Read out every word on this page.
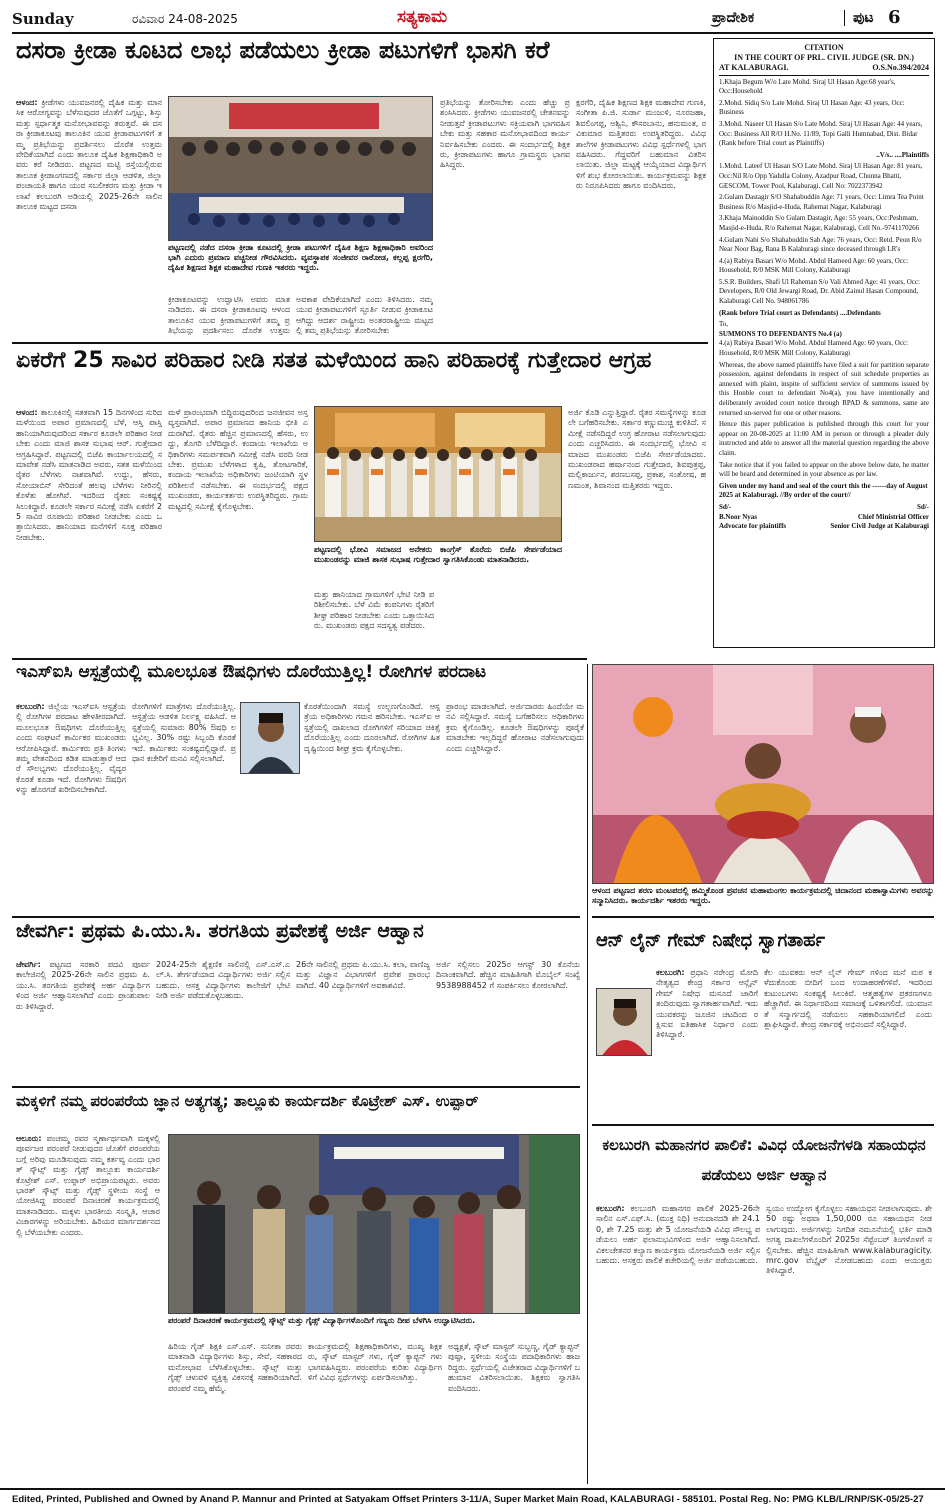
Sunday	ರವಿವಾರ 24-08-2025	ಸತ್ಯಕಾಮ	ಪ್ರಾದೇಶಿಕ	ಪುಟ 6
ದಸರಾ ಕ್ರೀಡಾ ಕೂಟದ ಲಾಭ ಪಡೆಯಲು ಕ್ರೀಡಾ ಪಟುಗಳಿಗೆ ಭಾಸಗಿ ಕರೆ
ಆಳಂದ: ಕ್ರೀಡೆಗಳು ಯುವಜನರಲ್ಲಿ ದೈಹಿಕ ಮತ್ತು ಮಾನಸಿಕ ಆರೋಗ್ಯವನ್ನು ಬೆಳೆಸುವುದರ ಜೊತೆಗೆ ಒಗ್ಗಟ್ಟು, ಶಿಸ್ತು ಮತ್ತು ಸ್ಪರ್ಧಾತ್ಮಕ ಮನೋಭಾವವನ್ನು ತರುತ್ತವೆ. ಈ ದಸರಾ ಕ್ರೀಡಾಕೂಟವು ತಾಲೂಕಿನ ಯುವ ಕ್ರೀಡಾಪಟುಗಳಿಗೆ ತಮ್ಮ ಪ್ರತಿಭೆಯನ್ನು ಪ್ರದರ್ಶಿಸಲು ದೊರೆತ ಉತ್ತಮ ವೇದಿಕೆಯಾಗಿದೆ ಎಂದು ತಾಲೂಕ ದೈಹಿಕ ಶಿಕ್ಷಣಾಧಿಕಾರಿ ಅವರು ಕರೆ ನೀಡಿದರು. ಪಟ್ಟಣದ ಮಟ್ಟಿ ರಸ್ತೆಯಲ್ಲಿರುವ ತಾಲೂಕ ಕ್ರೀಡಾಂಗಣದಲ್ಲಿ ಸರ್ಕಾರ ಜಿಲ್ಲಾ ಆಡಳಿತ, ಜಿಲ್ಲಾ ಪಂಚಾಯತಿ ಹಾಗೂ ಯುವ ಸಬಲೀಕರಣ ಮತ್ತು ಕ್ರೀಡಾ ಇಲಾಖೆ ಕಲಬುರಗಿ ಅಡಿಯಲ್ಲಿ 2025-26ನೇ ಸಾಲಿನ ತಾಲೂಕ ಮಟ್ಟದ ದಸರಾ
ಪಟ್ಟಣದಲ್ಲಿ ನಡೆದ ದಸರಾ ಕ್ರೀಡಾ ಕೂಟದಲ್ಲಿ ಕ್ರೀಡಾ ಪಟುಗಳಿಗೆ ದೈಹಿಕ ಶಿಕ್ಷಣ ಶಿಕ್ಷಣಾಧಿಕಾರಿ ಅವರಿಂದ ಭಾಗಿ ಎದುರು ಪ್ರಮಾಣ ವಚ್ಚನೀಡ ಗೌರವಿಸಿದರು. ವ್ಯವಸ್ಥಾಪಕ ಸಂಜೀವರ ರಾಠೋಡ, ಕಲ್ಲಪ್ಪ ಕ್ಷರಗೆರಿ, ದೈಹಿಕ ಶಿಕ್ಷಣದ ಶಿಕ್ಷಕ ಮಹಾದೇವ ಗುಣಕಿ ಇತರರು ಇದ್ದರು.
ಕ್ರೀಡಾಕೂಟವನ್ನು ಉದ್ಘಾಟಿಸಿ ಅವರು ಮಾತನಾಡಿದರು. ಈ ದಸರಾ ಕ್ರೀಡಾಕೂಟವು ಆಳಂದ ತಾಲೂಕಿನ ಯುವ ಕ್ರೀಡಾಪಟುಗಳಿಗೆ ತಮ್ಮ ಪ್ರತಿಭೆಯನ್ನು ಪ್ರದರ್ಶಿಸಲು ದೊರೆತ ಉತ್ತಮ
ಅವಕಾಶ ವೇದಿಕೆಯಾಗಿದೆ ಎಂದು ತಿಳಿಸಿದರು. ನಮ್ಮ ಯುವ ಕ್ರೀಡಾಪಟುಗಳಿಗೆ ಸ್ಪೂರ್ತಿ ನೀಡುವ ಕ್ರೀಡಾಕೂಟ ಆಗಿದ್ದು ಆದರ್ಶ ರಾಷ್ಟ್ರೀಯ ಅಂತರರಾಷ್ಟ್ರೀಯ ಮಟ್ಟದಲ್ಲಿ ತಮ್ಮ ಪ್ರತಿಭೆಯನ್ನು ತೋರಿಸಬೇಕು
ಪ್ರತಿಭೆಯನ್ನು ತೋರಿಸಬೇಕು ಎಂದು ಹೆಚ್ಚು ಪ್ರಶಂಸಿಸಿದರು. ಕ್ರೀಡೆಗಳು ಯುವಜನರಲ್ಲಿ ಚೇತನವನ್ನು ನೀಡುತ್ತವೆ ಕ್ರೀಡಾಪಟುಗಳು ಸಕ್ರಿಯವಾಗಿ ಭಾಗವಹಿಸಬೇಕು ಮತ್ತು ಸಹಕಾರ ಮನೋಭಾವದಿಂದ ಕಾರ್ಯನಿರ್ವಹಿಸಬೇಕು ಎಂದರು. ಈ ಸಂದರ್ಭದಲ್ಲಿ ಶಿಕ್ಷಕರು, ಕ್ರೀಡಾಪಟುಗಳು ಹಾಗೂ ಗ್ರಾಮಸ್ಥರು ಭಾಗವಹಿಸಿದ್ದರು.
ಕ್ಷರಗೆರಿ, ದೈಹಿಕ ಶಿಕ್ಷಣದ ಶಿಕ್ಷಕ ಮಹಾದೇವ ಗುಣಕಿ, ಸಂಗೀತಾ ಪಿ.ಜಿ. ಸುರ್ಡಾ ಮಂಜುಳಿ, ನೂರಜಹಾ, ಶಿವಲಿಂಗಪ್ಪ, ಅಶ್ವಿನಿ, ಕೌಸರಬಾನು, ಹನುಮಂತ, ರವಿಕುಮಾರ ಮತ್ತಿತರರು ಉಪಸ್ಥಿತರಿದ್ದರು. ವಿವಿಧ ಶಾಲೆಗಳ ಕ್ರೀಡಾಪಟುಗಳು ವಿವಿಧ ಸ್ಪರ್ಧೆಗಳಲ್ಲಿ ಭಾಗವಹಿಸಿದರು. ಗೆದ್ದವರಿಗೆ ಬಹುಮಾನ ವಿತರಿಸಲಾಯಿತು. ಜಿಲ್ಲಾ ಮಟ್ಟಕ್ಕೆ ಆಯ್ಕೆಯಾದ ವಿದ್ಯಾರ್ಥಿಗಳಿಗೆ ಶುಭ ಕೋರಲಾಯಿತು. ಕಾರ್ಯಕ್ರಮವನ್ನು ಶಿಕ್ಷಕರು ನಿರೂಪಿಸಿದರು ಹಾಗೂ ವಂದಿಸಿದರು.
ಏಕರೆಗೆ 25 ಸಾವಿರ ಪರಿಹಾರ ನೀಡಿ ಸತತ ಮಳೆಯಿಂದ ಹಾನಿ ಪರಿಹಾರಕ್ಕೆ ಗುತ್ತೇದಾರ ಆಗ್ರಹ
ಆಳಂದ: ತಾಲೂಕಿನಲ್ಲಿ ಸತತವಾಗಿ 15 ದಿನಗಳಿಂದ ಸುರಿದ ಮಳೆಯಿಂದ ಅಪಾರ ಪ್ರಮಾಣದಲ್ಲಿ ಬೆಳೆ, ಆಸ್ತಿ ಪಾಸ್ತಿ ಹಾನಿಯಾಗಿರುವುದರಿಂದ ಸರ್ಕಾರ ಕೂಡಲೇ ಪರಿಹಾರ ನೀಡಬೇಕು ಎಂದು ಮಾಜಿ ಶಾಸಕ ಸುಭಾಷ ಆರ್. ಗುತ್ತೇದಾರ ಆಗ್ರಹಿಸಿದ್ದಾರೆ. ಪಟ್ಟಣದಲ್ಲಿ ಬಿಜೆಪಿ ಕಾರ್ಯಾಲಯದಲ್ಲಿ ಸಮಾವೇಶ ನಡೆಸಿ ಮಾತನಾಡಿದ ಅವರು, ಸತತ ಮಳೆಯಿಂದ ರೈತರ ಬೆಳೆಗಳು ನಾಶವಾಗಿವೆ. ಉದ್ದು, ಹೆಸರು, ಸೋಯಾಬಿನ್ ಸೇರಿದಂತೆ ಹಲವು ಬೆಳೆಗಳು ನೀರಿನಲ್ಲಿ ಕೊಳೆತು ಹೋಗಿವೆ. ಇದರಿಂದ ರೈತರು ಸಂಕಷ್ಟಕ್ಕೆ ಸಿಲುಕಿದ್ದಾರೆ. ಕೂಡಲೇ ಸರ್ಕಾರ ಸಮೀಕ್ಷೆ ನಡೆಸಿ ಏಕರೆಗೆ 25 ಸಾವಿರ ರೂಪಾಯಿ ಪರಿಹಾರ ನೀಡಬೇಕು ಎಂದು ಒತ್ತಾಯಿಸಿದರು. ಹಾನಿಯಾದ ಮನೆಗಳಿಗೆ ಸೂಕ್ತ ಪರಿಹಾರ ನೀಡಬೇಕು.
ಮಳೆ ಪ್ರಾರಂಭವಾಗಿ ಬಿದ್ದಿರುವುದರಿಂದ ಜನಜೀವನ ಅಸ್ತವ್ಯಸ್ತವಾಗಿದೆ. ಅಪಾರ ಪ್ರಮಾಣದ ಹಾನಿಯ ಭೀತಿ ಎದುರಾಗಿದೆ. ರೈತರು ಹೆಚ್ಚಿನ ಪ್ರಮಾಣದಲ್ಲಿ ಹೆಸರು, ಉದ್ದು, ತೊಗರಿ ಬೆಳೆದಿದ್ದಾರೆ. ಕಂದಾಯ ಇಲಾಖೆಯ ಅಧಿಕಾರಿಗಳು ಸಮರ್ಪಕವಾಗಿ ಸಮೀಕ್ಷೆ ನಡೆಸಿ ವರದಿ ನೀಡಬೇಕು. ಪ್ರಮುಖ ಬೆಳೆಗಳಾದ ಕೃಷಿ, ತೋಟಗಾರಿಕೆ, ಕಂದಾಯ ಇಲಾಖೆಯ ಅಧಿಕಾರಿಗಳು ಜಂಟಿಯಾಗಿ ಸ್ಥಳ ಪರಿಶೀಲನೆ ನಡೆಸಬೇಕು. ಈ ಸಂದರ್ಭದಲ್ಲಿ ಪಕ್ಷದ ಮುಖಂಡರು, ಕಾರ್ಯಕರ್ತರು ಉಪಸ್ಥಿತರಿದ್ದರು. ಗ್ರಾಮ ಮಟ್ಟದಲ್ಲಿ ಸಮೀಕ್ಷೆ ಕೈಗೊಳ್ಳಬೇಕು.
ಪಟ್ಟಣದಲ್ಲಿ ಭೋವಿ ಸಮಾಜದ ಅನೇಕರು ಕಾಂಗ್ರೆಸ್ ತೊರೆದು ಬಿಜೆಪಿ ಸೇರ್ಪಡೆಯಾದ ಮುಖಂಡರನ್ನು ಮಾಜಿ ಶಾಸಕ ಸುಭಾಷ ಗುತ್ತೇದಾರ ಸ್ವಾಗತಿಸಿಕೊಂಡು ಮಾತನಾಡಿದರು.
ಮತ್ತು ಹಾನಿಯಾದ ಗ್ರಾಮಗಳಿಗೆ ಭೇಟಿ ನೀಡಿ ಪರಿಶೀಲಿಸಬೇಕು. ಬೆಳೆ ವಿಮೆ ಕಂಪನಿಗಳು ರೈತರಿಗೆ ಶೀಘ್ರ ಪರಿಹಾರ ನೀಡಬೇಕು ಎಂದು ಒತ್ತಾಯಿಸಿದರು. ಮುಖಂಡರು ಪಕ್ಷದ ಸದಸ್ಯತ್ವ ಪಡೆದರು.
ಅರ್ಜಿ ಕೊಡಿ ಎನ್ನುತ್ತಿದ್ದಾರೆ. ರೈತರ ಸಮಸ್ಯೆಗಳನ್ನು ಕೂಡಲೇ ಬಗೆಹರಿಸಬೇಕು. ಸರ್ಕಾರ ಕಣ್ಣುಮುಚ್ಚಿ ಕುಳಿತಿದೆ. ಸಮೀಕ್ಷೆ ನಡೆಸದಿದ್ದರೆ ಉಗ್ರ ಹೋರಾಟ ನಡೆಸಲಾಗುವುದು ಎಂದು ಎಚ್ಚರಿಸಿದರು. ಈ ಸಂದರ್ಭದಲ್ಲಿ ಭೋವಿ ಸಮಾಜದ ಮುಖಂಡರು ಬಿಜೆಪಿ ಸೇರ್ಪಡೆಯಾದರು. ಮುಖಂಡರಾದ ಹರ್ಷಾನಂದ ಗುತ್ತೇದಾರ, ಶಿವಪುತ್ರಪ್ಪ, ಮಲ್ಲಿಕಾರ್ಜುನ, ಶರಣಬಸಪ್ಪ, ಪ್ರಕಾಶ, ಸಂತೋಷ, ಹಣಮಂತ, ಶಿವಾನಂದ ಮತ್ತಿತರರು ಇದ್ದರು.
CITATION
IN THE COURT OF PRL. CIVIL JUDGE (SR. DN.)
AT KALABURAGI.	O.S.No.394/2024
1.Khaja Begum W/o Late Mohd. Siraj Ul Hasan Age:68 year's, Occ:Household
2.Mohd. Sidiq S/o Late Mohd. Siraj Ul Hasan Age: 43 years, Occ: Business
3.Mohd. Naseer Ul Hasan S/o Late Mohd. Siraj Ul Hasan Age: 44 years, Occ: Business All R/O H.No. 11/89, Topi Galli Humnabad, Dist. Bidar (Rank before Trial court as Plaintiffs)
..V/s.. ....Plaintiffs
1.Mohd. Lateef Ul Hasan S/O Late Mohd. Siraj Ul Hasan Age: 81 years, Occ:Nil R/o Opp Yadulla Colony, Azadpur Road, Chunna Bhatti, GESCOM, Tower Pool, Kalaburagi. Cell No: 7022373942
2.Gulam Dastagir S/O Shahabuddin Age: 71 years, Occ: Limra Tea Point Business R/o Masjid-e-Huda, Rahemat Nagar, Kalaburagi
3.Khaja Mainoddin S/o Gulam Dastagir, Age: 55 years, Occ:Peshmam, Masjid-e-Huda, R/o Rahemat Nagar, Kalaburagi, Cell No.-9741170266
4.Gulam Nabi S/o Shahabuddin Sab Age: 76 years, Occ: Retd. Peon R/o Near Noor Bag, Rana B Kalaburagi since deceased through LR's
4.(a) Rabiya Basari W/o Mohd. Abdul Hameed Age: 60 years, Occ: Household, R/0 MSK Mill Colony, Kalaburagi
5.S.R. Builders, Shafi Ul Raheman S/o Vali Ahmed Age: 41 years, Occ: Developers, R/0 Old Jewargi Road, Dr. Abid Zainul Hasan Compound, Kalaburagi Cell No. 948061786
(Rank before Trial court as Defendants) ....Defendants
To,
SUMMONS TO DEFENDANTS No.4 (a)
4.(a) Rabiya Basari W/o Mohd. Abdul Hameed Age: 60 years, Occ: Household, R/0 MSK Mill Colony, Kalaburagi
Whereas, the above named plaintiffs have filed a suit for partition separate possession, against defendants in respect of suit schedule properties as annexed with plaint, inspite of sufficient service of summons issued by this Honble court to defendant No4(a), you have intentionally and deliberately avoided court notice through RPAD & summons, same are returned un-served for one or other reasons.
Hence this paper publication is published through this court for your appear on 20-08-2025 at 11:00 AM in person or through a pleader duly instructed and able to answer all the material question regarding the above claim.
Take notice that if you failed to appear on the above below date, he matter will be heard and determined in your absence as per law.
Given under my hand and seal of the court this the ------day of August 2025 at Kalaburagi. //By order of the court//
Sd/-	Sd/-
B.Noor Nyas	Chief Ministrial Officer
Advocate for plaintiffs	Senior Civil Judge at Kalaburagi
ಇಎಸ್ಐಸಿ ಆಸ್ಪತ್ರೆಯಲ್ಲಿ ಮೂಲಭೂತ ಔಷಧಿಗಳು ದೊರೆಯುತ್ತಿಲ್ಲ! ರೋಗಿಗಳ ಪರದಾಟ
ಕಲಬುರಗಿ: ಜಿಲ್ಲೆಯ ಇಎಸ್ಐಸಿ ಆಸ್ಪತ್ರೆಯಲ್ಲಿ ರೋಗಿಗಳ ಪರದಾಟ ಹೇಳತೀರದಾಗಿದೆ. ಮೂಲಭೂತ ಔಷಧಿಗಳು ದೊರೆಯುತ್ತಿಲ್ಲ ಎಂದು ಸಂಘಟನೆ ಕಾರ್ಮಿಕರ ಮುಖಂಡರು ಆರೋಪಿಸಿದ್ದಾರೆ. ಕಾರ್ಮಿಕರು ಪ್ರತಿ ತಿಂಗಳು ತಮ್ಮ ವೇತನದಿಂದ ಕಡಿತ ಮಾಡುತ್ತಾರೆ ಆದರೆ ಸೌಲಭ್ಯಗಳು ದೊರೆಯುತ್ತಿಲ್ಲ. ವೈದ್ಯರ ಕೊರತೆ ಕೂಡಾ ಇದೆ. ರೋಗಿಗಳು ಔಷಧಿಗಳನ್ನು ಹೊರಗಡೆ ಖರೀದಿಸಬೇಕಾಗಿದೆ.
ರೋಗಿಗಳಿಗೆ ಮಾತ್ರೆಗಳು ದೊರೆಯುತ್ತಿಲ್ಲ. ಆಸ್ಪತ್ರೆಯ ಆಡಳಿತ ನಿರ್ಲಕ್ಷ್ಯ ವಹಿಸಿದೆ. ಆಸ್ಪತ್ರೆಯಲ್ಲಿ ಸುಮಾರು 80% ಔಷಧಿ ಲಭ್ಯವಿಲ್ಲ. 30% ರಷ್ಟು ಸಿಬ್ಬಂದಿ ಕೊರತೆ ಇದೆ. ಕಾರ್ಮಿಕರು ಸಂಕಷ್ಟದಲ್ಲಿದ್ದಾರೆ. ಪ್ರಧಾನ ಕಚೇರಿಗೆ ಮನವಿ ಸಲ್ಲಿಸಲಾಗಿದೆ.
ಕೊರತೆಯಿಂದಾಗಿ ಸಮಸ್ಯೆ ಉಲ್ಬಣಗೊಂಡಿದೆ. ಆಸ್ಪತ್ರೆಯ ಅಧಿಕಾರಿಗಳು ಗಮನ ಹರಿಸಬೇಕು. ಇಎಸ್ಐ ಆಸ್ಪತ್ರೆಯಲ್ಲಿ ದಾಖಲಾದ ರೋಗಿಗಳಿಗೆ ಸರಿಯಾದ ಚಿಕಿತ್ಸೆ ದೊರೆಯುತ್ತಿಲ್ಲ ಎಂದು ದೂರಲಾಗಿದೆ. ರೋಗಿಗಳ ಹಿತದೃಷ್ಟಿಯಿಂದ ಶೀಘ್ರ ಕ್ರಮ ಕೈಗೊಳ್ಳಬೇಕು.
ಪ್ರಾರಂಭ ಮಾಡಲಾಗಿದೆ. ಅರ್ಜಿದಾರರು ಹಿಂದೆಯೇ ಮನವಿ ಸಲ್ಲಿಸಿದ್ದಾರೆ. ಸಮಸ್ಯೆ ಬಗೆಹರಿಸಲು ಅಧಿಕಾರಿಗಳು ಕ್ರಮ ಕೈಗೊಂಡಿಲ್ಲ. ಕೂಡಲೇ ಔಷಧಿಗಳನ್ನು ಪೂರೈಕೆ ಮಾಡಬೇಕು ಇಲ್ಲದಿದ್ದರೆ ಹೋರಾಟ ನಡೆಸಲಾಗುವುದು ಎಂದು ಎಚ್ಚರಿಸಿದ್ದಾರೆ.
ಆಳಂದ ಪಟ್ಟಣದ ಶರಣ ಮಂಟಪದಲ್ಲಿ ಹಮ್ಮಿಕೊಂಡ ಪ್ರವಚನ ಮಹಾಮಂಗಲ ಕಾರ್ಯಕ್ರಮದಲ್ಲಿ ಚಿದಾನಂದ ಮಹಾಸ್ವಾಮಿಗಳು ಅವರನ್ನು ಸನ್ಮಾನಿಸಿದರು. ಕಾರ್ಯದರ್ಶಿ ಇತರರು ಇದ್ದರು.
ಜೇವರ್ಗಿ: ಪ್ರಥಮ ಪಿ.ಯು.ಸಿ. ತರಗತಿಯ ಪ್ರವೇಶಕ್ಕೆ ಅರ್ಜಿ ಆಹ್ವಾನ
ಜೇವರ್ಗಿ: ಪಟ್ಟಣದ ಸರಕಾರಿ ಪದವಿ ಪೂರ್ವ ಕಾಲೇಜಿನಲ್ಲಿ 2025-26ನೇ ಸಾಲಿನ ಪ್ರಥಮ ಪಿ.ಯು.ಸಿ. ತರಗತಿಯ ಪ್ರವೇಶಕ್ಕೆ ಅರ್ಹ ವಿದ್ಯಾರ್ಥಿಗಳಿಂದ ಅರ್ಜಿ ಆಹ್ವಾನಿಸಲಾಗಿದೆ ಎಂದು ಪ್ರಾಂಶುಪಾಲರು ತಿಳಿಸಿದ್ದಾರೆ.
2024-25ನೇ ಶೈಕ್ಷಣಿಕ ಸಾಲಿನಲ್ಲಿ ಎಸ್.ಎಸ್.ಎಲ್.ಸಿ. ತೇರ್ಗಡೆಯಾದ ವಿದ್ಯಾರ್ಥಿಗಳು ಅರ್ಜಿ ಸಲ್ಲಿಸಬಹುದು. ಆಸಕ್ತ ವಿದ್ಯಾರ್ಥಿಗಳು ಕಾಲೇಜಿಗೆ ಭೇಟಿ ನೀಡಿ ಅರ್ಜಿ ಪಡೆದುಕೊಳ್ಳಬಹುದು.
26ನೇ ಸಾಲಿನಲ್ಲಿ ಪ್ರಥಮ ಪಿ.ಯು.ಸಿ. ಕಲಾ, ವಾಣಿಜ್ಯ ಮತ್ತು ವಿಜ್ಞಾನ ವಿಭಾಗಗಳಿಗೆ ಪ್ರವೇಶ ಪ್ರಾರಂಭವಾಗಿದೆ. 40 ವಿದ್ಯಾರ್ಥಿಗಳಿಗೆ ಅವಕಾಶವಿದೆ.
ಅರ್ಜಿ ಸಲ್ಲಿಸಲು 2025ರ ಆಗಸ್ಟ್ 30 ಕೊನೆಯ ದಿನಾಂಕವಾಗಿದೆ. ಹೆಚ್ಚಿನ ಮಾಹಿತಿಗಾಗಿ ಮೊಬೈಲ್ ಸಂಖ್ಯೆ 9538988452 ಗೆ ಸಂಪರ್ಕಿಸಲು ಕೋರಲಾಗಿದೆ.
ಆನ್ ಲೈನ್ ಗೇಮ್ ನಿಷೇಧ ಸ್ವಾಗತಾರ್ಹ
ಕಲಬುರಗಿ: ಪ್ರಧಾನಿ ನರೇಂದ್ರ ಮೋದಿ ನೇತೃತ್ವದ ಕೇಂದ್ರ ಸರ್ಕಾರ ಆನ್ಲೈನ್ ಗೇಮ್ ನಿಷೇಧ ಮಸೂದೆ ಜಾರಿಗೆ ತಂದಿರುವುದು ಸ್ವಾಗತಾರ್ಹವಾಗಿದೆ. ಇದು ಯುವಕರನ್ನು ಜೂಜಿನ ಚಟದಿಂದ ರಕ್ಷಿಸುವ ಐತಿಹಾಸಿಕ ನಿರ್ಧಾರ ಎಂದು ತಿಳಿಸಿದ್ದಾರೆ.
ಕೆಲ ಯುವಕರು ಆನ್ ಲೈನ್ ಗೇಮ್ ಗಳಿಂದ ಮನೆ ಮಠ ಕಳೆದುಕೊಂಡು ಬೀದಿಗೆ ಬಂದ ಉದಾಹರಣೆಗಳಿವೆ. ಇದರಿಂದ ಕುಟುಂಬಗಳು ಸಂಕಷ್ಟಕ್ಕೆ ಸಿಲುಕಿವೆ. ಆತ್ಮಹತ್ಯೆಗಳ ಪ್ರಕರಣಗಳೂ ಹೆಚ್ಚಾಗಿವೆ. ಈ ನಿರ್ಧಾರದಿಂದ ಸಮಾಜಕ್ಕೆ ಒಳಿತಾಗಲಿದೆ. ಯುವಜನತೆ ಸನ್ಮಾರ್ಗದಲ್ಲಿ ನಡೆಯಲು ಸಹಕಾರಿಯಾಗಲಿದೆ ಎಂದು ಶ್ಲಾಘಿಸಿದ್ದಾರೆ. ಕೇಂದ್ರ ಸರ್ಕಾರಕ್ಕೆ ಅಭಿನಂದನೆ ಸಲ್ಲಿಸಿದ್ದಾರೆ.
ಮಕ್ಕಳಿಗೆ ನಮ್ಮ ಪರಂಪರೆಯ ಜ್ಞಾನ ಅತ್ಯಗತ್ಯ; ತಾಲ್ಲೂಕು ಕಾರ್ಯದರ್ಶಿ ಕೊಟ್ರೇಶ್ ಎಸ್. ಉಪ್ಪಾರ್
ಆಲೂರು: ಪಂಚಮ್ಮ ರವರ ಸ್ಮರ್ಣಾರ್ಥವಾಗಿ ಮಕ್ಕಳಲ್ಲಿ ಪೂರ್ವಜರ ಪರಂಪರೆ ನೀಡುವುದರ ಜೊತೆಗೆ ಪರಂಪರೆಯ ಬಗ್ಗೆ ಅರಿವು ಮೂಡಿಸುವುದು ನಮ್ಮ ಕರ್ತವ್ಯ ಎಂದು ಭಾರತ್ ಸ್ಕೌಟ್ಸ್ ಮತ್ತು ಗೈಡ್ಸ್ ತಾಲ್ಲೂಕು ಕಾರ್ಯದರ್ಶಿ ಕೊಟ್ರೇಶ್ ಎಸ್. ಉಪ್ಪಾರ್ ಅಭಿಪ್ರಾಯಪಟ್ಟರು. ಅವರು ಭಾರತ್ ಸ್ಕೌಟ್ಸ್ ಮತ್ತು ಗೈಡ್ಸ್ ಸ್ಥಳೀಯ ಸಂಸ್ಥೆ ಆಯೋಜಿಸಿದ್ದ ಪರಂಪರೆ ದಿನಾಚರಣೆ ಕಾರ್ಯಕ್ರಮದಲ್ಲಿ ಮಾತನಾಡಿದರು. ಮಕ್ಕಳು ಭಾರತೀಯ ಸಂಸ್ಕೃತಿ, ಆಚಾರ ವಿಚಾರಗಳನ್ನು ಅರಿಯಬೇಕು. ಹಿರಿಯರ ಮಾರ್ಗದರ್ಶನದಲ್ಲಿ ಬೆಳೆಯಬೇಕು ಎಂದರು.
ಪರಂಪರೆ ದಿನಾಚರಣೆ ಕಾರ್ಯಕ್ರಮದಲ್ಲಿ ಸ್ಕೌಟ್ಸ್ ಮತ್ತು ಗೈಡ್ಸ್ ವಿದ್ಯಾರ್ಥಿಗಳೊಂದಿಗೆ ಗಣ್ಯರು ದೀಪ ಬೆಳಗಿಸಿ ಉದ್ಘಾಟಿಸಿದರು.
ಹಿರಿಯ ಗೈಡ್ ಶಿಕ್ಷಕಿ ಎಸ್.ಎಸ್. ಸುನೀತಾ ರವರು ಮಾತನಾಡಿ ವಿದ್ಯಾರ್ಥಿಗಳು ಶಿಸ್ತು, ಸೇವೆ, ಸಹಕಾರದ ಮನೋಭಾವ ಬೆಳೆಸಿಕೊಳ್ಳಬೇಕು. ಸ್ಕೌಟ್ಸ್ ಮತ್ತು ಗೈಡ್ಸ್ ಚಳುವಳಿ ವ್ಯಕ್ತಿತ್ವ ವಿಕಸನಕ್ಕೆ ಸಹಕಾರಿಯಾಗಿದೆ. ಪರಂಪರೆ ನಮ್ಮ ಹೆಮ್ಮೆ.
ಕಾರ್ಯಕ್ರಮದಲ್ಲಿ ಶಿಕ್ಷಣಾಧಿಕಾರಿಗಳು, ಮುಖ್ಯ ಶಿಕ್ಷಕರು, ಸ್ಕೌಟ್ ಮಾಸ್ಟರ್ ಗಳು, ಗೈಡ್ ಕ್ಯಾಪ್ಟನ್ ಗಳು ಭಾಗವಹಿಸಿದ್ದರು. ಪರಂಪರೆಯ ಕುರಿತು ವಿದ್ಯಾರ್ಥಿಗಳಿಗೆ ವಿವಿಧ ಸ್ಪರ್ಧೆಗಳನ್ನು ಏರ್ಪಡಿಸಲಾಗಿತ್ತು.
ಅಧ್ಯಕ್ಷತೆ, ಸ್ಕೌಟ್ ಮಾಸ್ಟರ್ ಸುಬ್ಬಣ್ಣ, ಗೈಡ್ ಕ್ಯಾಪ್ಟನ್ ಪುಷ್ಪಾ, ಸ್ಥಳೀಯ ಸಂಸ್ಥೆಯ ಪದಾಧಿಕಾರಿಗಳು ಹಾಜರಿದ್ದರು. ಸ್ಪರ್ಧೆಯಲ್ಲಿ ವಿಜೇತರಾದ ವಿದ್ಯಾರ್ಥಿಗಳಿಗೆ ಬಹುಮಾನ ವಿತರಿಸಲಾಯಿತು. ಶಿಕ್ಷಕರು ಸ್ವಾಗತಿಸಿ ವಂದಿಸಿದರು.
ಕಲಬುರಗಿ ಮಹಾನಗರ ಪಾಲಿಕೆ: ವಿವಿಧ ಯೋಜನೆಗಳಡಿ ಸಹಾಯಧನ ಪಡೆಯಲು ಅರ್ಜಿ ಆಹ್ವಾನ
ಕಲಬುರಗಿ: ಕಲಬುರಗಿ ಮಹಾನಗರ ಪಾಲಿಕೆ 2025-26ನೇ ಸಾಲಿನ ಎಸ್.ಎಫ್.ಸಿ. (ಮುಕ್ತ ನಿಧಿ) ಅನುದಾನದಡಿ ಶೇ 24.10, ಶೇ 7.25 ಮತ್ತು ಶೇ 5 ಯೋಜನೆಯಡಿ ವಿವಿಧ ಸೌಲಭ್ಯ ಪಡೆಯಲು ಅರ್ಹ ಫಲಾನುಭವಿಗಳಿಂದ ಅರ್ಜಿ ಆಹ್ವಾನಿಸಲಾಗಿದೆ. ವಿಕಲಚೇತನರ ಕಲ್ಯಾಣ ಕಾರ್ಯಕ್ರಮ ಯೋಜನೆಯಡಿ ಅರ್ಜಿ ಸಲ್ಲಿಸಬಹುದು. ಆಸಕ್ತರು ಪಾಲಿಕೆ ಕಚೇರಿಯಲ್ಲಿ ಅರ್ಜಿ ಪಡೆಯಬಹುದು.
ಸ್ವಯಂ ಉದ್ಯೋಗ ಕೈಗೊಳ್ಳಲು ಸಹಾಯಧನ ನೀಡಲಾಗುವುದು. ಶೇ 50 ರಷ್ಟು ಅಥವಾ 1,50,000 ರೂ ಸಹಾಯಧನ ನೀಡಲಾಗುವುದು. ಅರ್ಜಿಗಳನ್ನು ನಿಗದಿತ ನಮೂನೆಯಲ್ಲಿ ಭರ್ತಿ ಮಾಡಿ ಅಗತ್ಯ ದಾಖಲೆಗಳೊಂದಿಗೆ 2025ರ ಸೆಪ್ಟೆಂಬರ್ ತಿಂಗಳೊಳಗೆ ಸಲ್ಲಿಸಬೇಕು. ಹೆಚ್ಚಿನ ಮಾಹಿತಿಗಾಗಿ www.kalaburagicity.mrc.gov ವೆಬ್ಸೈಟ್ ನೋಡಬಹುದು ಎಂದು ಆಯುಕ್ತರು ತಿಳಿಸಿದ್ದಾರೆ.
Edited, Printed, Published and Owned by Anand P. Mannur and Printed at Satyakam Offset Printers 3-11/A, Super Market Main Road, KALABURAGI - 585101. Postal Reg. No: PMG KLB/L/RNP/SK-05/25-27
